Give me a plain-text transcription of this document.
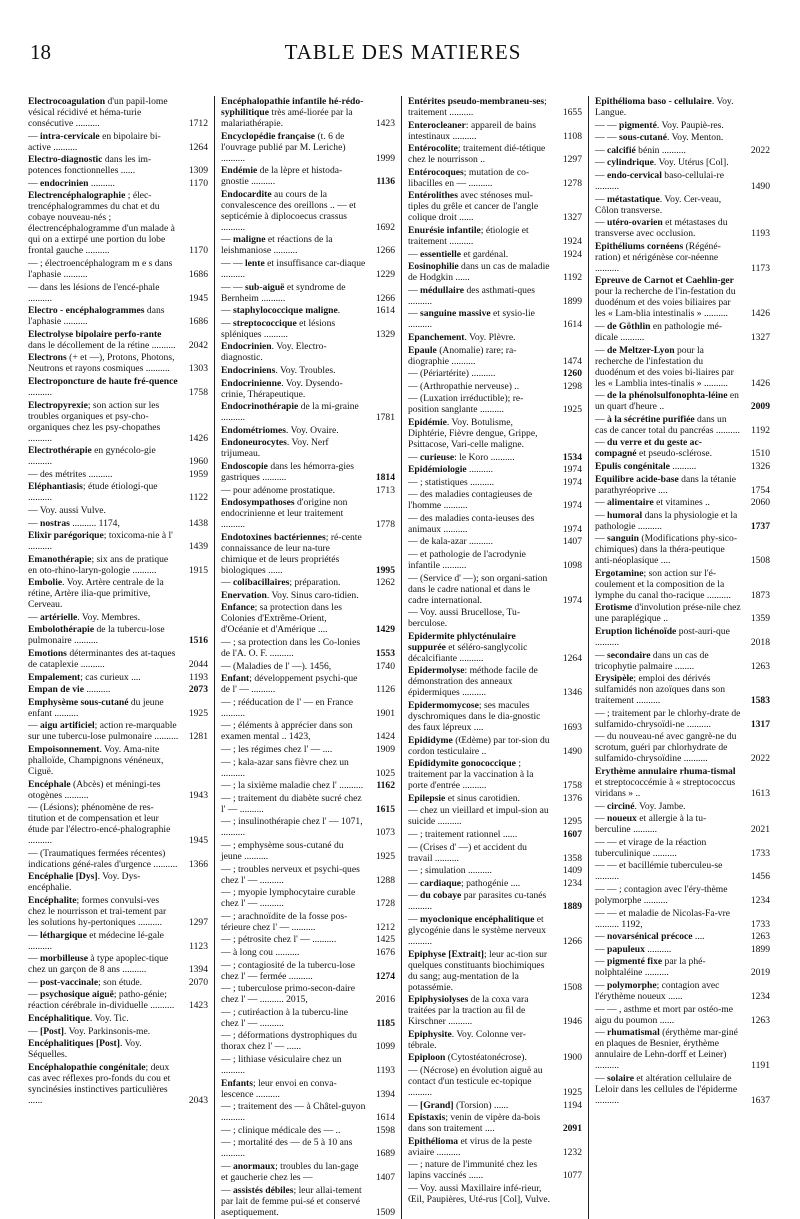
18	TABLE DES MATIERES
Electrocoagulation d'un papil-lome vésical récidivé et héma-turie consécutive ..........	1712
— intra-cervicale en bipolaire bi-active ..........	1264
Electro-diagnostic dans les im-potences fonctionnelles ......	1309
— endocrinien ..........	1170
Electrencéphalographie ; élec-trencéphalogrammes du chat et du cobaye nouveau-nés ; électrencéphalogramme d'un malade à qui on a extirpé une portion du lobe frontal gauche ..........	1170
— ; électroencéphalogram m e s dans l'aphasie ..........	1686
— dans les lésions de l'encé-phale ..........	1945
Electro - encéphalogrammes dans l'aphasie ..........	1686
Electrolyse bipolaire perfo-rante dans le décollement de la rétine ..........	2042
Electrons (+ et —), Protons, Photons, Neutrons et rayons cosmiques ..........	1303
Electroponcture de haute fré-quence ..........	1758
Electropyrexie; son action sur les troubles organiques et psy-cho-organiques chez les psy-chopathes ..........	1426
Electrothérapie en gynécolo-gie ..........	1960
— des métrites ..........	1959
Eléphantiasis; étude étiologi-que ..........	1122
— Voy. aussi Vulve.
— nostras .......... 1174,	1438
Elixir parégorique; toxicoma-nie à l' ..........	1439
Emanothérapie; six ans de pratique en oto-rhino-laryn-gologie ..........	1915
Embolie. Voy. Artère centrale de la rétine, Artère ilia-que primitive, Cerveau.
— artérielle. Voy. Membres.
Embolothérapie de la tubercu-lose pulmonaire ..........	1516
Emotions déterminantes des at-taques de cataplexie ..........	2044
Empalement; cas curieux ....	1193
Empan de vie ..........	2073
Emphysème sous-cutané du jeune enfant ..........	1925
— aigu artificiel; action re-marquable sur une tubercu-lose pulmonaire ..........	1281
Empoisonnement. Voy. Ama-nite phalloïde, Champignons vénéneux, Ciguë.
Encéphale (Abcès) et méningi-tes otogènes ..........	1943
— (Lésions); phénomène de res-titution et de compensation et leur étude par l'électro-encé-phalographie ..........	1945
— (Traumatiques fermées récentes) indications géné-rales d'urgence ..........	1366
Encéphalie [Dys]. Voy. Dys-encéphalie.
Encéphalite; formes convulsi-ves chez le nourrisson et trai-tement par les solutions hy-pertoniques ..........	1297
— léthargique et médecine lé-gale ..........	1123
— morbilleuse à type apoplec-tique chez un garçon de 8 ans ..........	1394
— post-vaccinale; son étude.	2070
— psychosique aiguë; patho-génie; réaction cérébrale in-dividuelle ..........	1423
Encéphalitique. Voy. Tic.
— [Post]. Voy. Parkinsonis-me.
Encéphalitiques [Post]. Voy. Séquelles.
Encéphalopathie congénitale; deux cas avec réflexes pro-fonds du cou et syncinésies instinctives particulières ......	2043
Encéphalopathie infantile hé-rédo-syphilitique très amé-liorée par la malariathérapie.	1423
Encyclopédie française (t. 6 de l'ouvrage publié par M. Leriche) ..........	1999
Endémie de la lèpre et histoda-gnostie ..........	1136
Endocardite au cours de la convalescence des oreillons .. — et septicémie à diplocoecus crassus ..........	1692
— maligne et réactions de la leishmaniose ..........	1266
— — lente et insuffisance car-diaque ..........	1229
— — sub-aiguë et syndrome de Bernheim ..........	1266
— staphylococcique maligne.	1614
— streptococcique et lésions spléniques ..........	1329
Endocrinien. Voy. Electro-diagnostic.
Endocriniens. Voy. Troubles.
Endocrinienne. Voy. Dysendo-crinie, Thérapeutique.
Endocrinothérapie de la mi-graine ..........	1781
Endométriomes. Voy. Ovaire.
Endoneurocytes. Voy. Nerf trijumeau.
Endoscopie dans les hémorra-gies gastriques ..........	1814
— pour adénome prostatique.	1713
Endosympathoses d'origine non endocrinienne et leur traitement ..........	1778
Endotoxines bactériennes; ré-cente connaissance de leur na-ture chimique et de leurs propriétés biologiques ......	1995
— colibacillaires; préparation.	1262
Enervation. Voy. Sinus caro-tidien.
Enfance; sa protection dans les Colonies d'Extrême-Orient, d'Océanie et d'Amérique ....	1429
— ; sa protection dans les Co-lonies de l'A. O. F. ..........	1553
— (Maladies de l' —). 1456,	1740
Enfant; développement psychi-que de l' — ..........	1126
— ; rééducation de l' — en France ..........	1901
— ; éléments à apprécier dans son examen mental .. 1423,	1424
— ; les régimes chez l' — ....	1909
— ; kala-azar sans fièvre chez un ..........	1025
— ; la sixième maladie chez l' ..........	1162
— ; traitement du diabète sucré chez l' — ..........	1615
— ; insulinothérapie chez l' — 1071, ..........	1073
— ; emphysème sous-cutané du jeune ..........	1925
— ; troubles nerveux et psychi-ques chez l' — ..........	1288
— ; myopie lymphocytaire curable chez l' — ..........	1728
— ; arachnoïdite de la fosse pos-térieure chez l' — ..........	1212
— ; pétrosite chez l' — ..........	1425
— à long cou ..........	1676
— ; contagiosité de la tubercu-lose chez l' — fermée ..........	1274
— ; tuberculose primo-secon-daire chez l' — .......... 2015,	2016
— ; cutiréaction à la tubercu-line chez l' — ..........	1185
— ; déformations dystrophiques du thorax chez l' — ......	1099
— ; lithiase vésiculaire chez un ..........	1193
Enfants; leur envoi en conva-lescence ..........	1394
— ; traitement des — à Châtel-guyon ..........	1614
— ; clinique médicale des — ..	1598
— ; mortalité des — de 5 à 10 ans ..........	1689
— anormaux; troubles du lan-gage et gaucherie chez les —	1407
— assistés débiles; leur allai-tement par lait de femme pui-sé et conservé aseptiquement.	1509
Entérites pseudo-membraneu-ses; traitement ..........	1655
Enterocleaner: appareil de bains intestinaux ..........	1108
Entérocolite; traitement dié-tétique chez le nourrisson ..	1297
Entérocoques; mutation de co-libacilles en — ..........	1278
Entérolithes avec sténoses mul-tiples du grêle et cancer de l'angle colique droit ......	1327
Enurésie infantile; étiologie et traitement ..........	1924
— essentielle et gardénal.	1924
Eosinophilie dans un cas de maladie de Hodgkin ......	1192
— médullaire des asthmati-ques ..........	1899
— sanguine massive et sysio-lie ..........	1614
Epanchement. Voy. Plèvre.
Epaule (Anomalie) rare; ra-diographie ..........	1474
— (Périartérite) ..........	1260
— (Arthropathie nerveuse) ..	1298
— (Luxation irréductible); re-position sanglante ..........	1925
Epidémie. Voy. Botulisme, Diphtérie, Fièvre dengue, Grippe, Psittacose, Vari-celle maligne.
— curieuse: le Koro ..........	1534
Epidémiologie ..........	1974
— ; statistiques ..........	1974
— des maladies contagieuses de l'homme ..........	1974
— des maladies conta-ieuses des animaux ..........	1974
— de kala-azar ..........	1407
— et pathologie de l'acrodynie infantile ..........	1098
— (Service d' —); son organi-sation dans le cadre national et dans le cadre international.	1974
— Voy. aussi Brucellose, Tu-berculose.
Epidermite phlycténulaire suppurée et séléro-sanglycolic décalcifiante ..........	1264
Epidermolyse: méthode facile de démonstration des anneaux épidermiques ..........	1346
Epidermomycose; ses macules dyschromiques dans le dia-gnostic des faux lépreux ....	1693
Epididyme (Œdème) par tor-sion du cordon testiculaire ..	1490
Epididymite gonococcique ; traitement par la vaccination à la porte d'entrée ..........	1758
Epilepsie et sinus carotidien.	1376
— chez un vieillard et impul-sion au suicide ..........	1295
— ; traitement rationnel ......	1607
— (Crises d' —) et accident du travail ..........	1358
— ; simulation ..........	1409
— cardiaque; pathogénie ....	1234
— du cobaye par parasites cu-tanés ..........	1889
— myoclonique encéphalitique et glycogénie dans le système nerveux ..........	1266
Epiphyse [Extrait]; leur ac-tion sur quelques constituants biochimiques du sang; aug-mentation de la potassémie.	1508
Epiphysiolyses de la coxa vara traitées par la traction au fil de Kirschner ..........	1946
Epiphysite. Voy. Colonne ver-tébrale.
Epiploon (Cytostéatonécrose).	1900
— (Nécrose) en évolution aiguë au contact d'un testicule ec-topique ..........	1925
— [Grand] (Torsion) ......	1194
Epistaxis; venin de vipère da-bois dans son traitement ....	2091
Epithélioma et virus de la peste aviaire ..........	1232
— ; nature de l'immunité chez les lapins vaccinés ......	1077
— Voy. aussi Maxillaire infé-rieur, Œil, Paupières, Uté-rus [Col], Vulve.
Epithélioma baso - cellulaire. Voy. Langue.
— — pigmenté. Voy. Paupiè-res.
— — sous-cutané. Voy. Menton.
— calcifié bénin ..........	2022
— cylindrique. Voy. Utérus [Col].
— endo-cervical baso-cellulai-re ..........	1490
— métastatique. Voy. Cer-veau, Côlon transverse.
— utéro-ovarien et métastases du transverse avec occlusion.	1193
Epithéliums cornéens (Régéné-ration) et nérigénèse cor-néenne ..........	1173
Epreuve de Carnot et Caehlin-ger pour la recherche de l'in-festation du duodénum et des voies biliaires par les « Lam-blia intestinalis » ..........	1426
— de Göthlin en pathologie mé-dicale ..........	1327
— de Meltzer-Lyon pour la recherche de l'infestation du duodénum et des voies bi-liaires par les « Lamblia intes-tinalis » ..........	1426
— de la phénolsulfonophta-léine en un quart d'heure ..	2009
— à la sécrétine purifiée dans un cas de cancer total du pancréas ..........	1192
— du verre et du geste ac-compagné et pseudo-sclérose.	1510
Epulis congénitale ..........	1326
Equilibre acide-base dans la tétanie parathyréoprive ....	1754
— alimentaire et vitamines ..	2060
— humoral dans la physiologie et la pathologie ..........	1737
— sanguin (Modifications phy-sico-chimiques) dans la théra-peutique anti-néoplasique ....	1508
Ergotamine; son action sur l'é-coulement et la composition de la lymphe du canal tho-racique ..........	1873
Erotisme d'involution prése-nile chez une paraplégique ..	1359
Eruption lichénoïde post-auri-que ..........	2018
— secondaire dans un cas de tricophytie palmaire ........	1263
Erysipèle; emploi des dérivés sulfamidés non azoïques dans son traitement ..........	1583
— ; traitement par le chlorhy-drate de sulfamido-chrysoïdi-ne ..........	1317
— du nouveau-né avec gangrè-ne du scrotum, guéri par chlorhydrate de sulfamido-chrysoïdine ..........	2022
Erythème annulaire rhuma-tismal et streptococcémie à « streptococcus viridans » ..	1613
— circiné. Voy. Jambe.
— noueux et allergie à la tu-berculine ..........	2021
— — et virage de la réaction tuberculinique ..........	1733
— — et bacillémie tuberculeu-se ..........	1456
— — ; contagion avec l'éry-thème polymorphe ..........	1234
— — et maladie de Nicolas-Fa-vre .......... 1192,	1733
— novarsénical précoce ....	1263
— papuleux ..........	1899
— pigmenté fixe par la phé-nolphtaléine ..........	2019
— polymorphe; contagion avec l'érythème noueux ......	1234
— — , asthme et mort par ostéo-me aigu du poumon ......	1263
— rhumatismal (érythème mar-giné en plaques de Besnier, érythème annulaire de Lehn-dorff et Leiner) ..........	1191
— solaire et altération cellulaire de Leloir dans les cellules de l'épiderme ..........	1637
